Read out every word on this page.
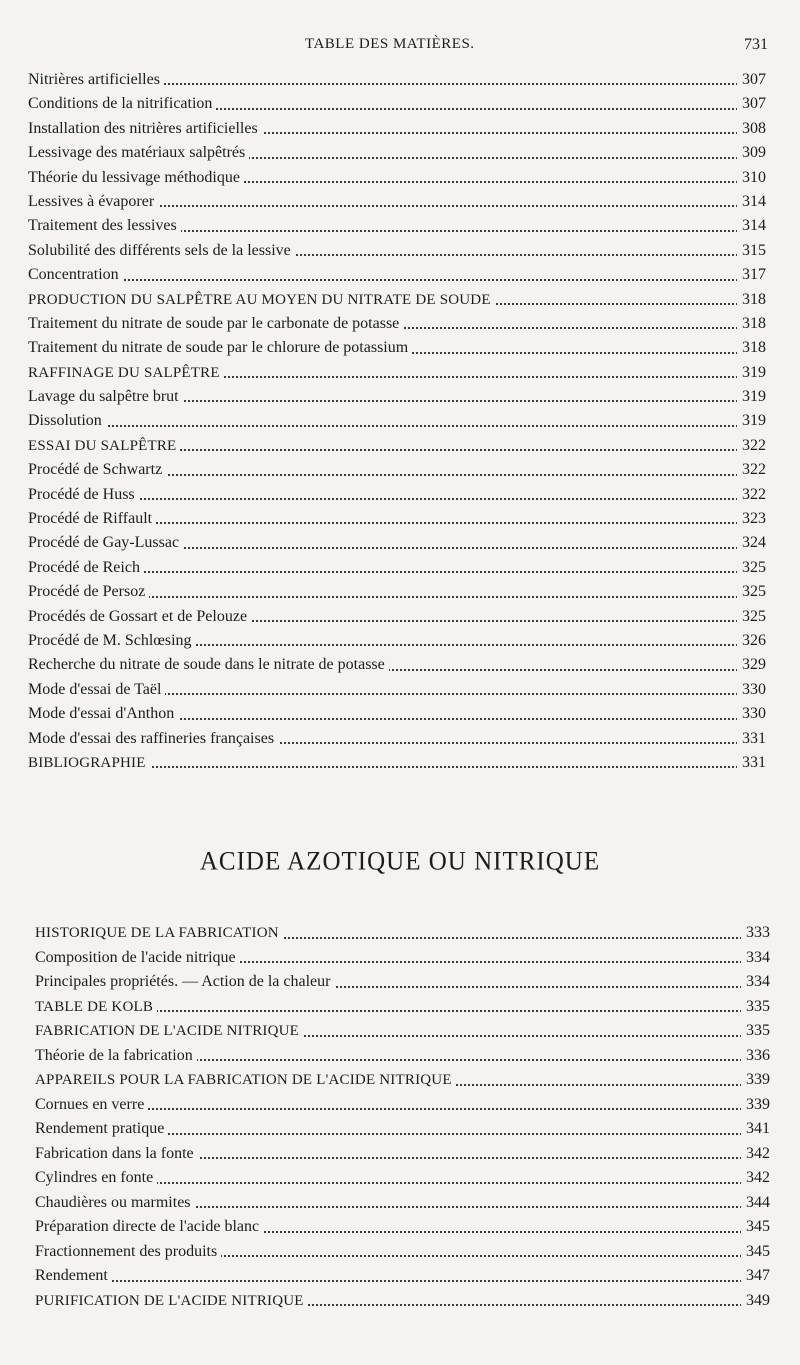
TABLE DES MATIÈRES.	731
Nitrières artificielles	307
Conditions de la nitrification	307
Installation des nitrières artificielles	308
Lessivage des matériaux salpêtrés	309
Théorie du lessivage méthodique	310
Lessives à évaporer	314
Traitement des lessives	314
Solubilité des différents sels de la lessive	315
Concentration	317
PRODUCTION DU SALPÊTRE AU MOYEN DU NITRATE DE SOUDE	318
Traitement du nitrate de soude par le carbonate de potasse	318
Traitement du nitrate de soude par le chlorure de potassium	318
RAFFINAGE DU SALPÊTRE	319
Lavage du salpêtre brut	319
Dissolution	319
ESSAI DU SALPÊTRE	322
Procédé de Schwartz	322
Procédé de Huss	322
Procédé de Riffault	323
Procédé de Gay-Lussac	324
Procédé de Reich	325
Procédé de Persoz	325
Procédés de Gossart et de Pelouze	325
Procédé de M. Schlœsing	326
Recherche du nitrate de soude dans le nitrate de potasse	329
Mode d'essai de Taël	330
Mode d'essai d'Anthon	330
Mode d'essai des raffineries françaises	331
BIBLIOGRAPHIE	331
ACIDE AZOTIQUE OU NITRIQUE
HISTORIQUE DE LA FABRICATION	333
Composition de l'acide nitrique	334
Principales propriétés. — Action de la chaleur	334
TABLE DE KOLB	335
FABRICATION DE L'ACIDE NITRIQUE	335
Théorie de la fabrication	336
APPAREILS POUR LA FABRICATION DE L'ACIDE NITRIQUE	339
Cornues en verre	339
Rendement pratique	341
Fabrication dans la fonte	342
Cylindres en fonte	342
Chaudières ou marmites	344
Préparation directe de l'acide blanc	345
Fractionnement des produits	345
Rendement	347
PURIFICATION DE L'ACIDE NITRIQUE	349
